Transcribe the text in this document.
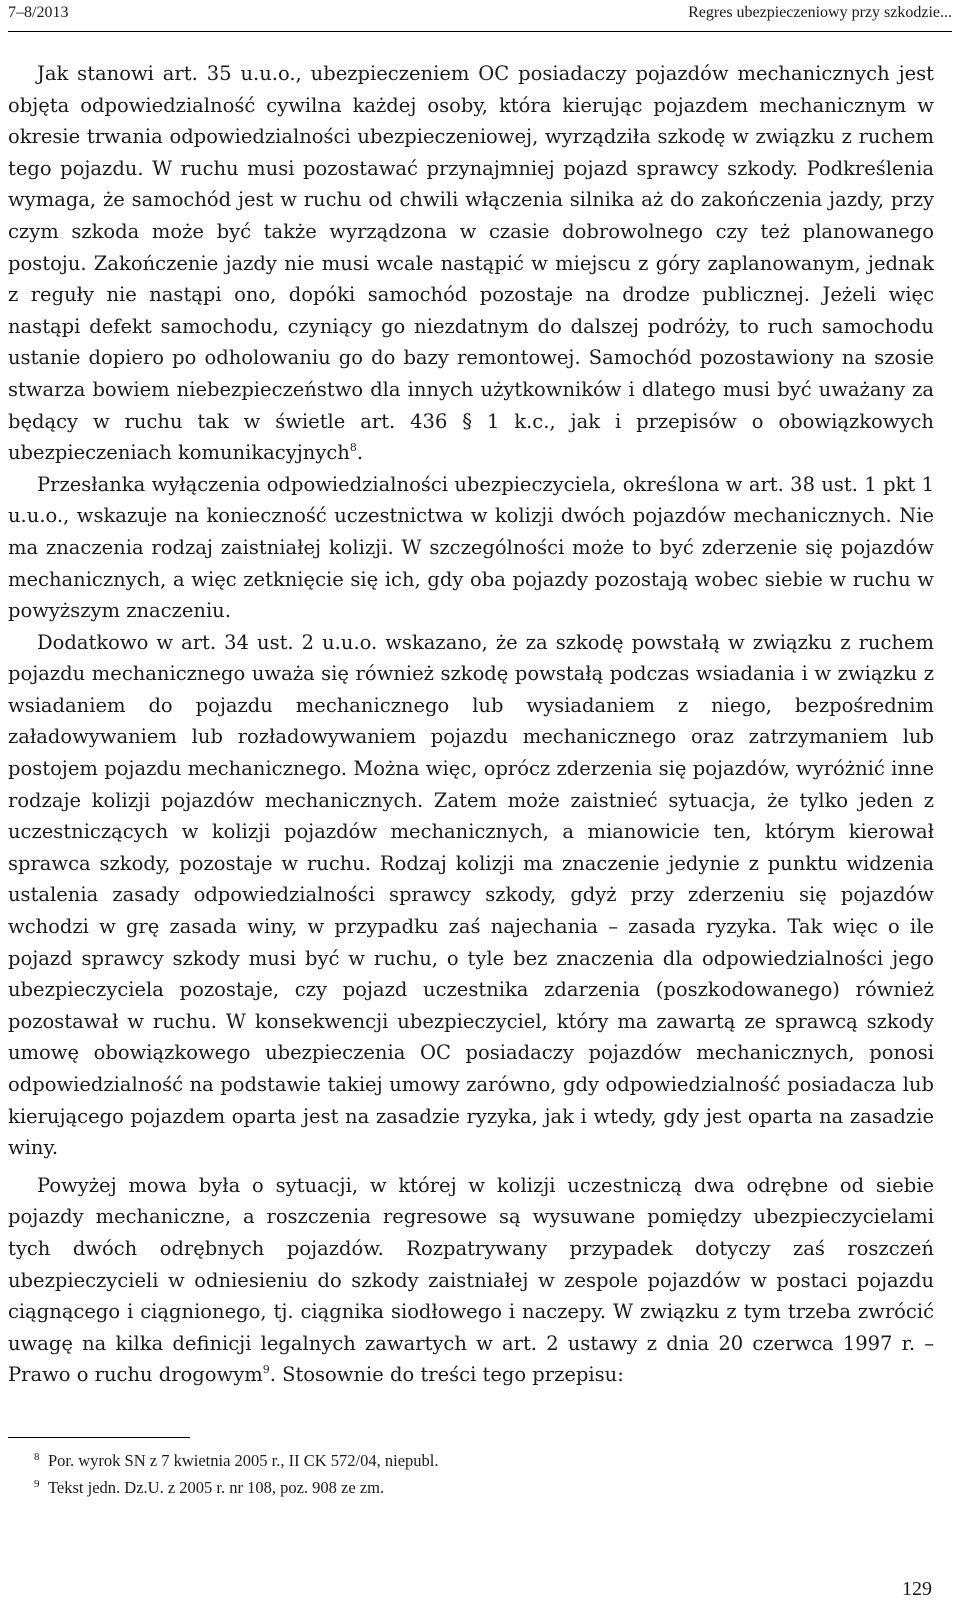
7–8/2013	Regres ubezpieczeniowy przy szkodzie...

Jak stanowi art. 35 u.u.o., ubezpieczeniem OC posiadaczy pojazdów mechanicznych jest objęta odpowiedzialność cywilna każdej osoby, która kierując pojazdem mechanicznym w okresie trwania odpowiedzialności ubezpieczeniowej, wyrządziła szkodę w związku z ruchem tego pojazdu. W ruchu musi pozostawać przynajmniej pojazd sprawcy szkody. Podkreślenia wymaga, że samochód jest w ruchu od chwili włączenia silnika aż do zakończenia jazdy, przy czym szkoda może być także wyrządzona w czasie dobrowolnego czy też planowanego postoju. Zakończenie jazdy nie musi wcale nastąpić w miejscu z góry zaplanowanym, jednak z reguły nie nastąpi ono, dopóki samochód pozostaje na drodze publicznej. Jeżeli więc nastąpi defekt samochodu, czyniący go niezdatnym do dalszej podróży, to ruch samochodu ustanie dopiero po odholowaniu go do bazy remontowej. Samochód pozostawiony na szosie stwarza bowiem niebezpieczeństwo dla innych użytkowników i dlatego musi być uważany za będący w ruchu tak w świetle art. 436 § 1 k.c., jak i przepisów o obowiązkowych ubezpieczeniach komunikacyjnych$^8$.

Przesłanka wyłączenia odpowiedzialności ubezpieczyciela, określona w art. 38 ust. 1 pkt 1 u.u.o., wskazuje na konieczność uczestnictwa w kolizji dwóch pojazdów mechanicznych. Nie ma znaczenia rodzaj zaistniałej kolizji. W szczególności może to być zderzenie się pojazdów mechanicznych, a więc zetknięcie się ich, gdy oba pojazdy pozostają wobec siebie w ruchu w powyższym znaczeniu.

Dodatkowo w art. 34 ust. 2 u.u.o. wskazano, że za szkodę powstałą w związku z ruchem pojazdu mechanicznego uważa się również szkodę powstałą podczas wsiadania i w związku z wsiadaniem do pojazdu mechanicznego lub wysiadaniem z niego, bezpośrednim załadowywaniem lub rozładowywaniem pojazdu mechanicznego oraz zatrzymaniem lub postojem pojazdu mechanicznego. Można więc, oprócz zderzenia się pojazdów, wyróżnić inne rodzaje kolizji pojazdów mechanicznych. Zatem może zaistnieć sytuacja, że tylko jeden z uczestniczących w kolizji pojazdów mechanicznych, a mianowicie ten, którym kierował sprawca szkody, pozostaje w ruchu. Rodzaj kolizji ma znaczenie jedynie z punktu widzenia ustalenia zasady odpowiedzialności sprawcy szkody, gdyż przy zderzeniu się pojazdów wchodzi w grę zasada winy, w przypadku zaś najechania – zasada ryzyka. Tak więc o ile pojazd sprawcy szkody musi być w ruchu, o tyle bez znaczenia dla odpowiedzialności jego ubezpieczyciela pozostaje, czy pojazd uczestnika zdarzenia (poszkodowanego) również pozostawał w ruchu. W konsekwencji ubezpieczyciel, który ma zawartą ze sprawcą szkody umowę obowiązkowego ubezpieczenia OC posiadaczy pojazdów mechanicznych, ponosi odpowiedzialność na podstawie takiej umowy zarówno, gdy odpowiedzialność posiadacza lub kierującego pojazdem oparta jest na zasadzie ryzyka, jak i wtedy, gdy jest oparta na zasadzie winy.

Powyżej mowa była o sytuacji, w której w kolizji uczestniczą dwa odrębne od siebie pojazdy mechaniczne, a roszczenia regresowe są wysuwane pomiędzy ubezpieczycielami tych dwóch odrębnych pojazdów. Rozpatrywany przypadek dotyczy zaś roszczeń ubezpieczycieli w odniesieniu do szkody zaistniałej w zespole pojazdów w postaci pojazdu ciągnącego i ciągnionego, tj. ciągnika siodłowego i naczepy. W związku z tym trzeba zwrócić uwagę na kilka definicji legalnych zawartych w art. 2 ustawy z dnia 20 czerwca 1997 r. – Prawo o ruchu drogowym$^9$. Stosownie do treści tego przepisu:

8 Por. wyrok SN z 7 kwietnia 2005 r., II CK 572/04, niepubl.
9 Tekst jedn. Dz.U. z 2005 r. nr 108, poz. 908 ze zm.
129
